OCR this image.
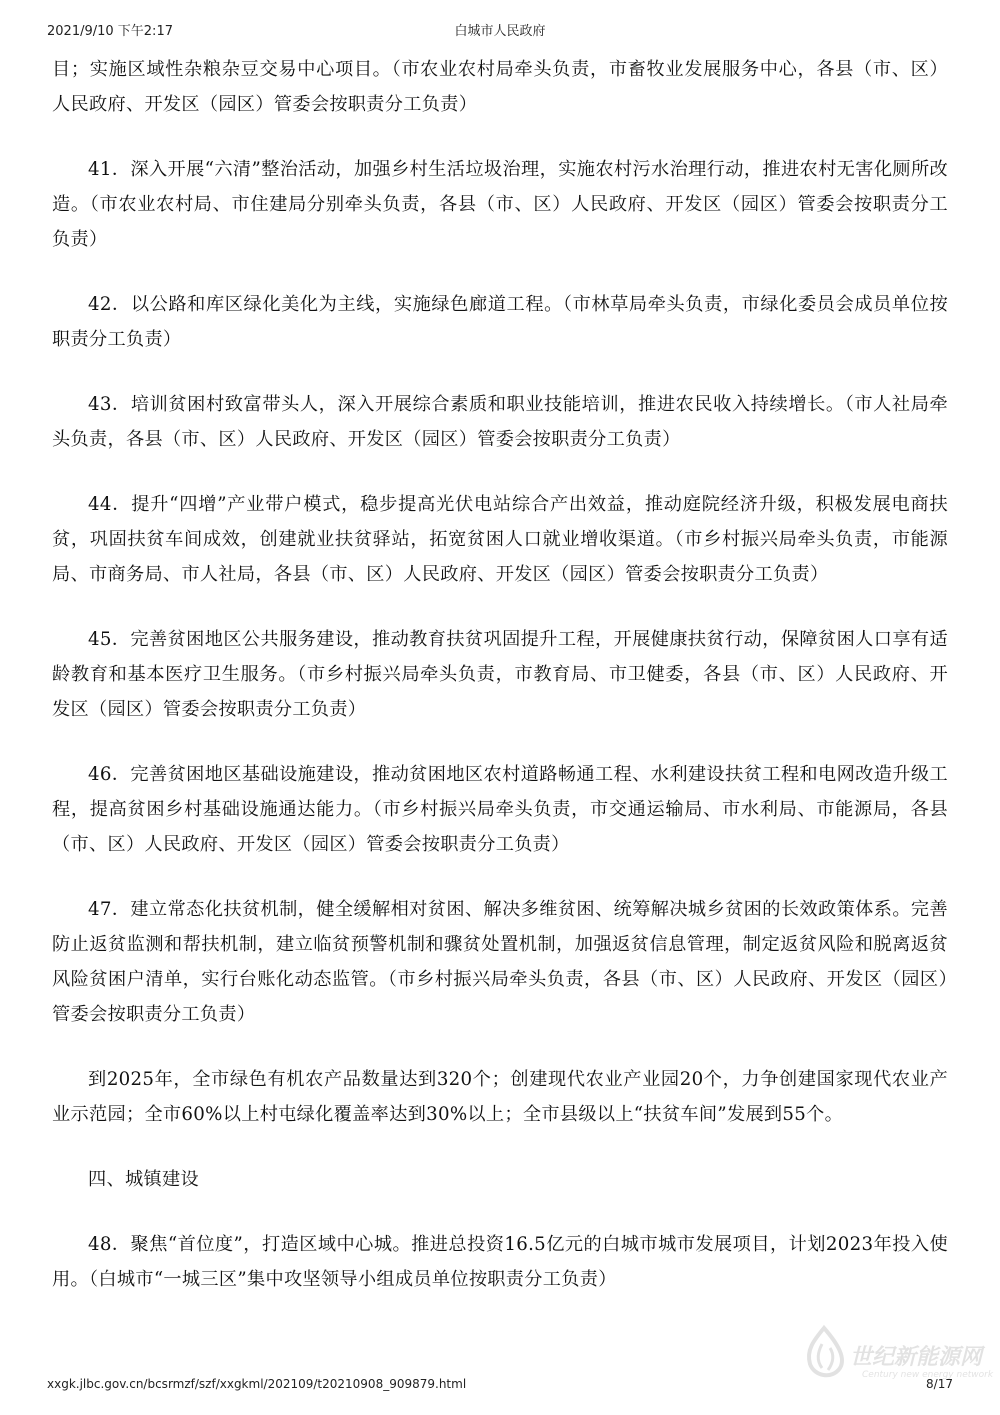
2021/9/10 下午2:17	白城市人民政府

目；实施区域性杂粮杂豆交易中心项目。（市农业农村局牵头负责，市畜牧业发展服务中心，各县（市、区）人民政府、开发区（园区）管委会按职责分工负责）

41．深入开展“六清”整治活动，加强乡村生活垃圾治理，实施农村污水治理行动，推进农村无害化厕所改造。（市农业农村局、市住建局分别牵头负责，各县（市、区）人民政府、开发区（园区）管委会按职责分工负责）

42．以公路和库区绿化美化为主线，实施绿色廊道工程。（市林草局牵头负责，市绿化委员会成员单位按职责分工负责）

43．培训贫困村致富带头人，深入开展综合素质和职业技能培训，推进农民收入持续增长。（市人社局牵头负责，各县（市、区）人民政府、开发区（园区）管委会按职责分工负责）

44．提升“四增”产业带户模式，稳步提高光伏电站综合产出效益，推动庭院经济升级，积极发展电商扶贫，巩固扶贫车间成效，创建就业扶贫驿站，拓宽贫困人口就业增收渠道。（市乡村振兴局牵头负责，市能源局、市商务局、市人社局，各县（市、区）人民政府、开发区（园区）管委会按职责分工负责）

45．完善贫困地区公共服务建设，推动教育扶贫巩固提升工程，开展健康扶贫行动，保障贫困人口享有适龄教育和基本医疗卫生服务。（市乡村振兴局牵头负责，市教育局、市卫健委，各县（市、区）人民政府、开发区（园区）管委会按职责分工负责）

46．完善贫困地区基础设施建设，推动贫困地区农村道路畅通工程、水利建设扶贫工程和电网改造升级工程，提高贫困乡村基础设施通达能力。（市乡村振兴局牵头负责，市交通运输局、市水利局、市能源局，各县（市、区）人民政府、开发区（园区）管委会按职责分工负责）

47．建立常态化扶贫机制，健全缓解相对贫困、解决多维贫困、统筹解决城乡贫困的长效政策体系。完善防止返贫监测和帮扶机制，建立临贫预警机制和骤贫处置机制，加强返贫信息管理，制定返贫风险和脱离返贫风险贫困户清单，实行台账化动态监管。（市乡村振兴局牵头负责，各县（市、区）人民政府、开发区（园区）管委会按职责分工负责）

到2025年，全市绿色有机农产品数量达到320个；创建现代农业产业园20个，力争创建国家现代农业产业示范园；全市60%以上村屯绿化覆盖率达到30%以上；全市县级以上“扶贫车间”发展到55个。

四、城镇建设

48．聚焦“首位度”，打造区域中心城。推进总投资16.5亿元的白城市城市发展项目，计划2023年投入使用。（白城市“一城三区”集中攻坚领导小组成员单位按职责分工负责）

世纪新能源网
Century new energy network
xxgk.jlbc.gov.cn/bcsrmzf/szf/xxgkml/202109/t20210908_909879.html	8/17
